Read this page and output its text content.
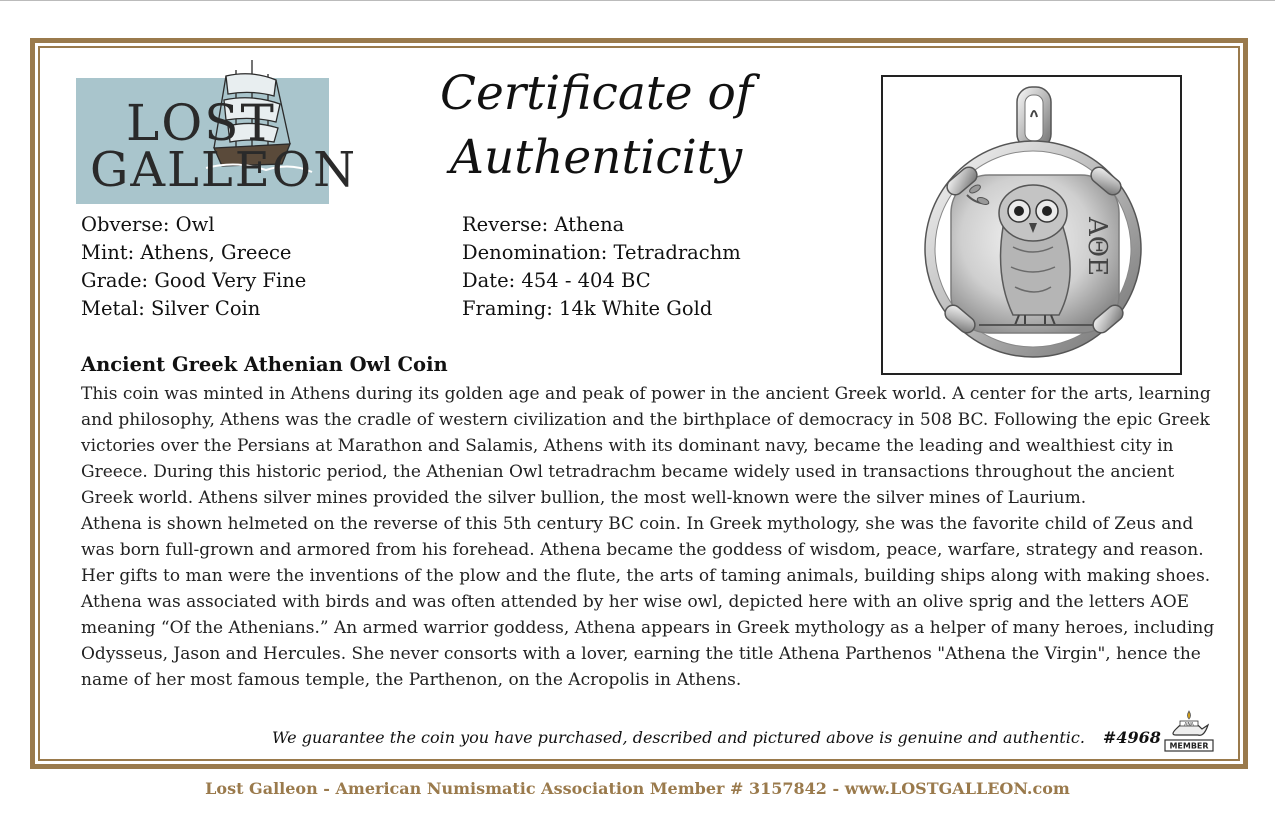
LOST
GALLEON
Certificate of
Authenticity
ΑΘΕ
Obverse: Owl
Mint: Athens, Greece
Grade: Good Very Fine
Metal: Silver Coin
Reverse: Athena
Denomination: Tetradrachm
Date: 454 - 404 BC
Framing: 14k White Gold
Ancient Greek Athenian Owl Coin

This coin was minted in Athens during its golden age and peak of power in the ancient Greek world. A center for the arts, learning and philosophy, Athens was the cradle of western civilization and the birthplace of democracy in 508 BC. Following the epic Greek victories over the Persians at Marathon and Salamis, Athens with its dominant navy, became the leading and wealthiest city in Greece. During this historic period, the Athenian Owl tetradrachm became widely used in transactions throughout the ancient Greek world. Athens silver mines provided the silver bullion, the most well-known were the silver mines of Laurium.

Athena is shown helmeted on the reverse of this 5th century BC coin. In Greek mythology, she was the favorite child of Zeus and was born full-grown and armored from his forehead. Athena became the goddess of wisdom, peace, warfare, strategy and reason. Her gifts to man were the inventions of the plow and the flute, the arts of taming animals, building ships along with making shoes. Athena was associated with birds and was often attended by her wise owl, depicted here with an olive sprig and the letters AOE meaning “Of the Athenians.” An armed warrior goddess, Athena appears in Greek mythology as a helper of many heroes, including Odysseus, Jason and Hercules. She never consorts with a lover, earning the title Athena Parthenos "Athena the Virgin", hence the name of her most famous temple, the Parthenon, on the Acropolis in Athens.

We guarantee the coin you have purchased, described and pictured above is genuine and authentic. #4968
ANA
MEMBER
Lost Galleon - American Numismatic Association Member # 3157842 - www.LOSTGALLEON.com
